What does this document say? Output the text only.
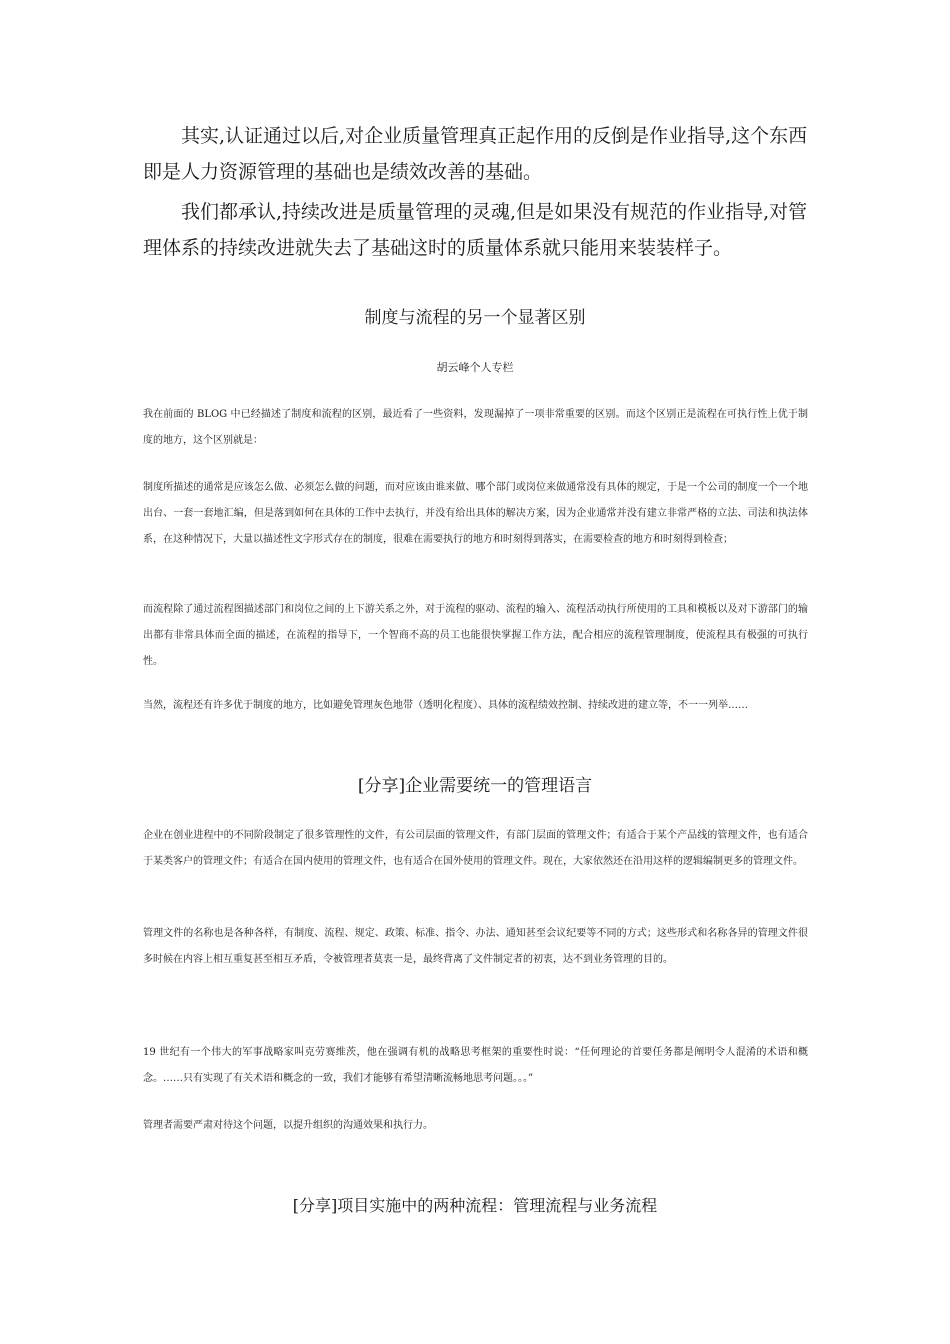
其实,认证通过以后,对企业质量管理真正起作用的反倒是作业指导,这个东西即是人力资源管理的基础也是绩效改善的基础。

我们都承认,持续改进是质量管理的灵魂,但是如果没有规范的作业指导,对管理体系的持续改进就失去了基础这时的质量体系就只能用来装装样子。

制度与流程的另一个显著区别

胡云峰个人专栏

我在前面的 BLOG 中已经描述了制度和流程的区别，最近看了一些资料，发现漏掉了一项非常重要的区别。而这个区别正是流程在可执行性上优于制度的地方，这个区别就是：

制度所描述的通常是应该怎么做、必须怎么做的问题，而对应该由谁来做、哪个部门或岗位来做通常没有具体的规定，于是一个公司的制度一个一个地出台、一套一套地汇编，但是落到如何在具体的工作中去执行，并没有给出具体的解决方案，因为企业通常并没有建立非常严格的立法、司法和执法体系，在这种情况下，大量以描述性文字形式存在的制度，很难在需要执行的地方和时刻得到落实，在需要检查的地方和时刻得到检查；

而流程除了通过流程图描述部门和岗位之间的上下游关系之外，对于流程的驱动、流程的输入、流程活动执行所使用的工具和模板以及对下游部门的输出都有非常具体而全面的描述，在流程的指导下，一个智商不高的员工也能很快掌握工作方法，配合相应的流程管理制度，使流程具有极强的可执行性。

当然，流程还有许多优于制度的地方，比如避免管理灰色地带（透明化程度）、具体的流程绩效控制、持续改进的建立等，不一一列举……

[分享]企业需要统一的管理语言

企业在创业进程中的不同阶段制定了很多管理性的文件，有公司层面的管理文件，有部门层面的管理文件；有适合于某个产品线的管理文件，也有适合于某类客户的管理文件；有适合在国内使用的管理文件，也有适合在国外使用的管理文件。现在，大家依然还在沿用这样的逻辑编制更多的管理文件。

管理文件的名称也是各种各样，有制度、流程、规定、政策、标准、指令、办法、通知甚至会议纪要等不同的方式；这些形式和名称各异的管理文件很多时候在内容上相互重复甚至相互矛盾，令被管理者莫衷一是，最终背离了文件制定者的初衷，达不到业务管理的目的。

19 世纪有一个伟大的军事战略家叫克劳赛维茨，他在强调有机的战略思考框架的重要性时说：“任何理论的首要任务都是阐明令人混淆的术语和概念。……只有实现了有关术语和概念的一致，我们才能够有希望清晰流畅地思考问题。。。”

管理者需要严肃对待这个问题，以提升组织的沟通效果和执行力。

[分享]项目实施中的两种流程：管理流程与业务流程
